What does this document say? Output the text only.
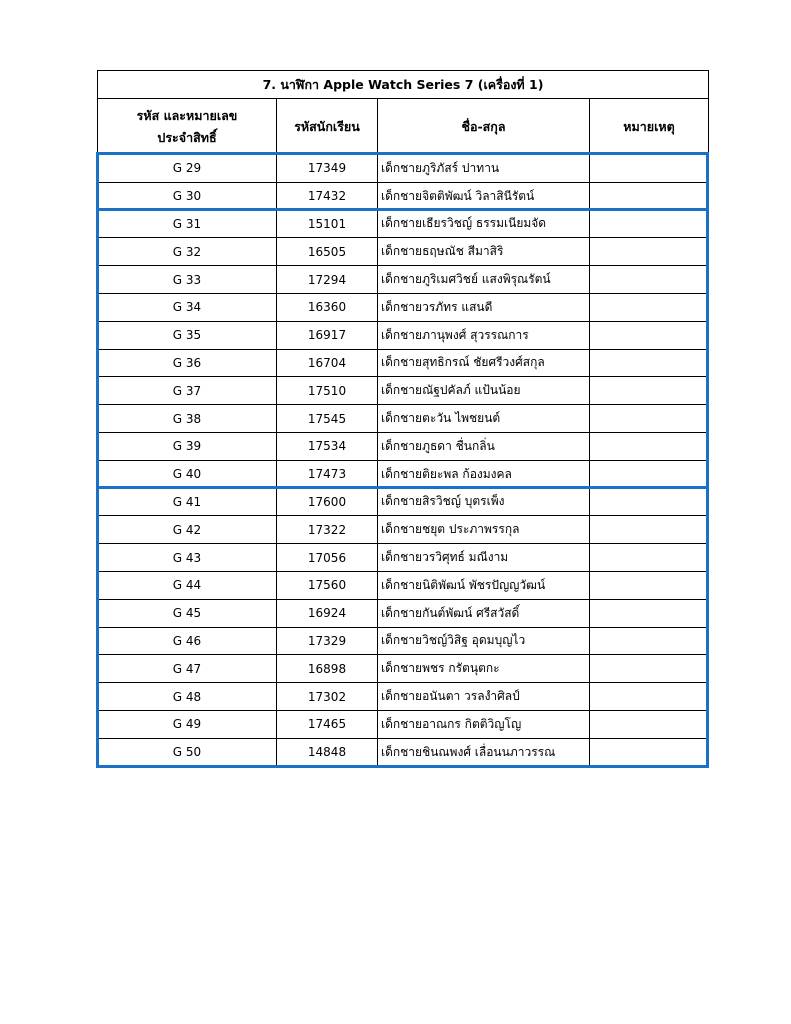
7. นาฬิกา Apple Watch Series 7 (เครื่องที่ 1)			
รหัส และหมายเลข
ประจำสิทธิ์	รหัสนักเรียน	ชื่อ-สกุล	หมายเหตุ
G 29	17349	เด็กชายภูริภัสร์ ปาทาน	
G 30	17432	เด็กชายจิตติพัฒน์ วิลาสินีรัตน์	
G 31	15101	เด็กชายเธียรวิชญ์ ธรรมเนียมจัด	
G 32	16505	เด็กชายธฤษณัช สีมาสิริ	
G 33	17294	เด็กชายภูริเมศวิชย์ แสงพิรุณรัตน์	
G 34	16360	เด็กชายวรภัทร แสนดี	
G 35	16917	เด็กชายภานุพงศ์ สุวรรณการ	
G 36	16704	เด็กชายสุทธิกรณ์ ชัยศรีวงศ์สกุล	
G 37	17510	เด็กชายณัฐปคัลภ์ แป้นน้อย	
G 38	17545	เด็กชายตะวัน ไพชยนต์	
G 39	17534	เด็กชายภูธดา ชื่นกลิ่น	
G 40	17473	เด็กชายติยะพล ก้องมงคล	
G 41	17600	เด็กชายสิรวิชญ์ บุตรเพ็ง	
G 42	17322	เด็กชายชยุต ประภาพรรกุล	
G 43	17056	เด็กชายวรวิศุทธ์ มณีงาม	
G 44	17560	เด็กชายนิติพัฒน์ พัชรปัญญวัฒน์	
G 45	16924	เด็กชายกันต์พัฒน์ ศรีสวัสดิ์	
G 46	17329	เด็กชายวิชญ์วิสิฐ อุดมบุญไว	
G 47	16898	เด็กชายพชร กรัตนุตกะ	
G 48	17302	เด็กชายอนันตา วรลงำศิลป์	
G 49	17465	เด็กชายอาณกร กิตติวิญโญ	
G 50	14848	เด็กชายชินณพงศ์ เลื่อนนภาวรรณ	
